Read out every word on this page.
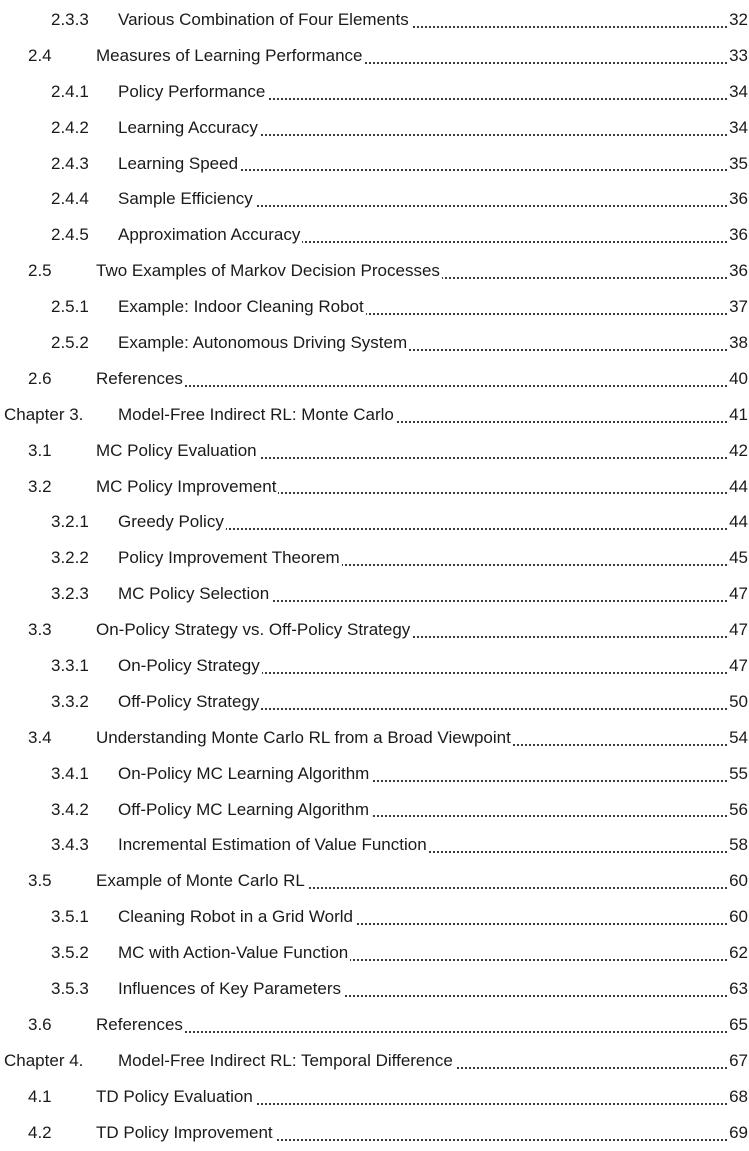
2.3.3 Various Combination of Four Elements	32
2.4	Measures of Learning Performance	33
2.4.1 Policy Performance	34
2.4.2 Learning Accuracy	34
2.4.3 Learning Speed	35
2.4.4 Sample Efficiency	36
2.4.5 Approximation Accuracy	36
2.5	Two Examples of Markov Decision Processes	36
2.5.1 Example: Indoor Cleaning Robot	37
2.5.2 Example: Autonomous Driving System	38
2.6	References	40
Chapter 3. Model-Free Indirect RL: Monte Carlo	41
3.1	MC Policy Evaluation	42
3.2	MC Policy Improvement	44
3.2.1 Greedy Policy	44
3.2.2 Policy Improvement Theorem	45
3.2.3 MC Policy Selection	47
3.3	On-Policy Strategy vs. Off-Policy Strategy	47
3.3.1 On-Policy Strategy	47
3.3.2 Off-Policy Strategy	50
3.4	Understanding Monte Carlo RL from a Broad Viewpoint	54
3.4.1 On-Policy MC Learning Algorithm	55
3.4.2 Off-Policy MC Learning Algorithm	56
3.4.3 Incremental Estimation of Value Function	58
3.5	Example of Monte Carlo RL	60
3.5.1 Cleaning Robot in a Grid World	60
3.5.2 MC with Action-Value Function	62
3.5.3 Influences of Key Parameters	63
3.6	References	65
Chapter 4. Model-Free Indirect RL: Temporal Difference	67
4.1	TD Policy Evaluation	68
4.2	TD Policy Improvement	69
